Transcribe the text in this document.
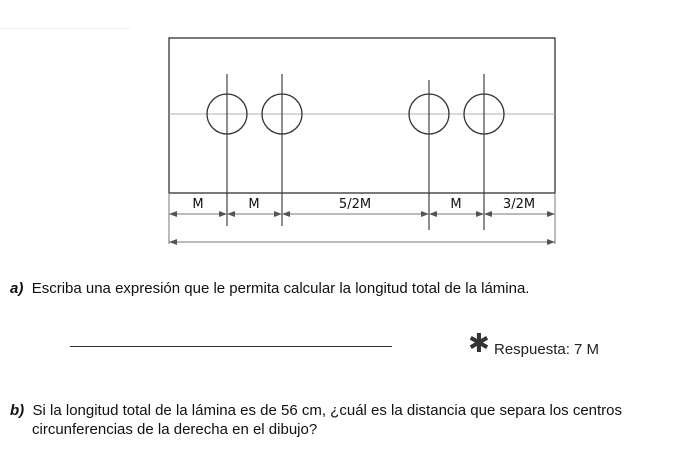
M	M	5/2M	M	3/2M
a) Escriba una expresión que le permita calcular la longitud total de la lámina.
✱ Respuesta: 7 M
b) Si la longitud total de la lámina es de 56 cm, ¿cuál es la distancia que separa los centros
circunferencias de la derecha en el dibujo?
